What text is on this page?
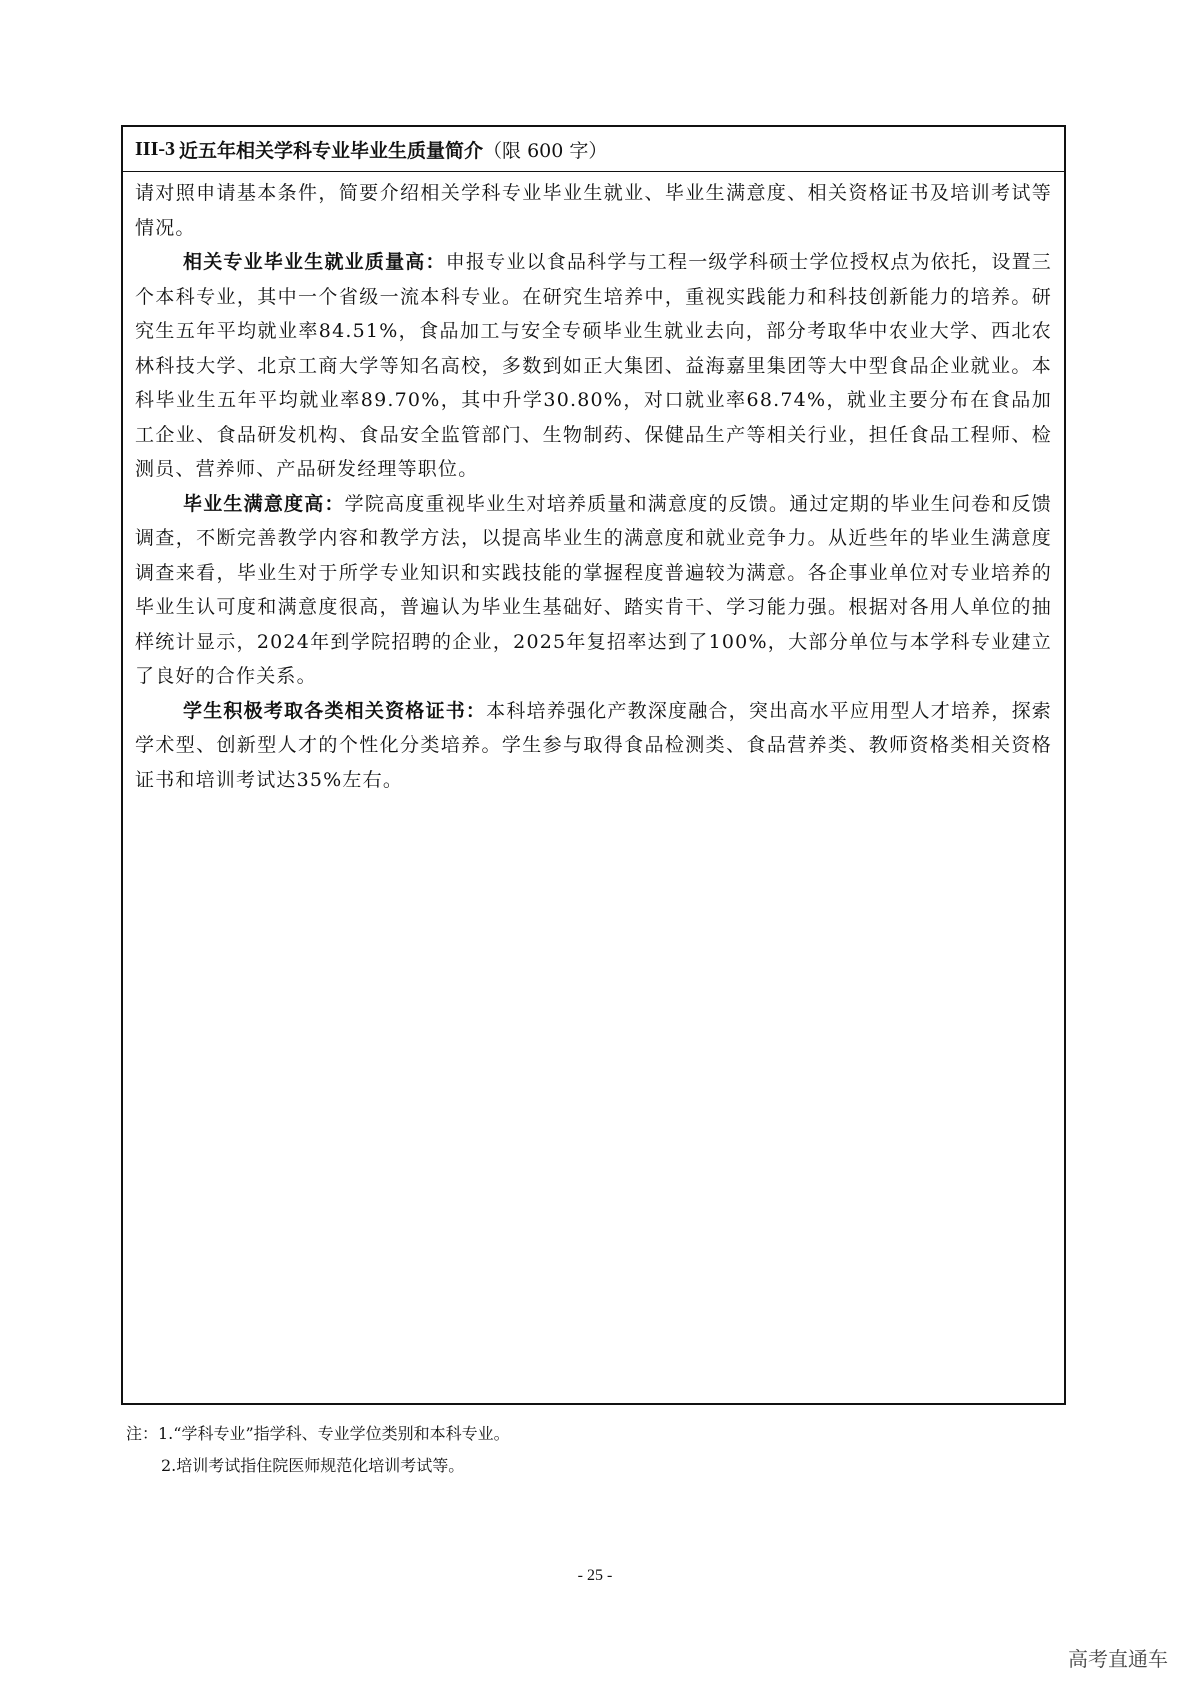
III-3 近五年相关学科专业毕业生质量简介 （限 600 字）

请对照申请基本条件，简要介绍相关学科专业毕业生就业、毕业生满意度、相关资格证书及培训考试等情况。

相关专业毕业生就业质量高：申报专业以食品科学与工程一级学科硕士学位授权点为依托，设置三个本科专业，其中一个省级一流本科专业。在研究生培养中，重视实践能力和科技创新能力的培养。研究生五年平均就业率84.51%，食品加工与安全专硕毕业生就业去向，部分考取华中农业大学、西北农林科技大学、北京工商大学等知名高校，多数到如正大集团、益海嘉里集团等大中型食品企业就业。本科毕业生五年平均就业率89.70%，其中升学30.80%，对口就业率68.74%，就业主要分布在食品加工企业、食品研发机构、食品安全监管部门、生物制药、保健品生产等相关行业，担任食品工程师、检测员、营养师、产品研发经理等职位。

毕业生满意度高：学院高度重视毕业生对培养质量和满意度的反馈。通过定期的毕业生问卷和反馈调查，不断完善教学内容和教学方法，以提高毕业生的满意度和就业竞争力。从近些年的毕业生满意度调查来看，毕业生对于所学专业知识和实践技能的掌握程度普遍较为满意。各企事业单位对专业培养的毕业生认可度和满意度很高，普遍认为毕业生基础好、踏实肯干、学习能力强。根据对各用人单位的抽样统计显示，2024年到学院招聘的企业，2025年复招率达到了100%，大部分单位与本学科专业建立了良好的合作关系。

学生积极考取各类相关资格证书：本科培养强化产教深度融合，突出高水平应用型人才培养，探索学术型、创新型人才的个性化分类培养。学生参与取得食品检测类、食品营养类、教师资格类相关资格证书和培训考试达35%左右。

注：1.“学科专业”指学科、专业学位类别和本科专业。
2.培训考试指住院医师规范化培训考试等。
- 25 -
高考直通车
